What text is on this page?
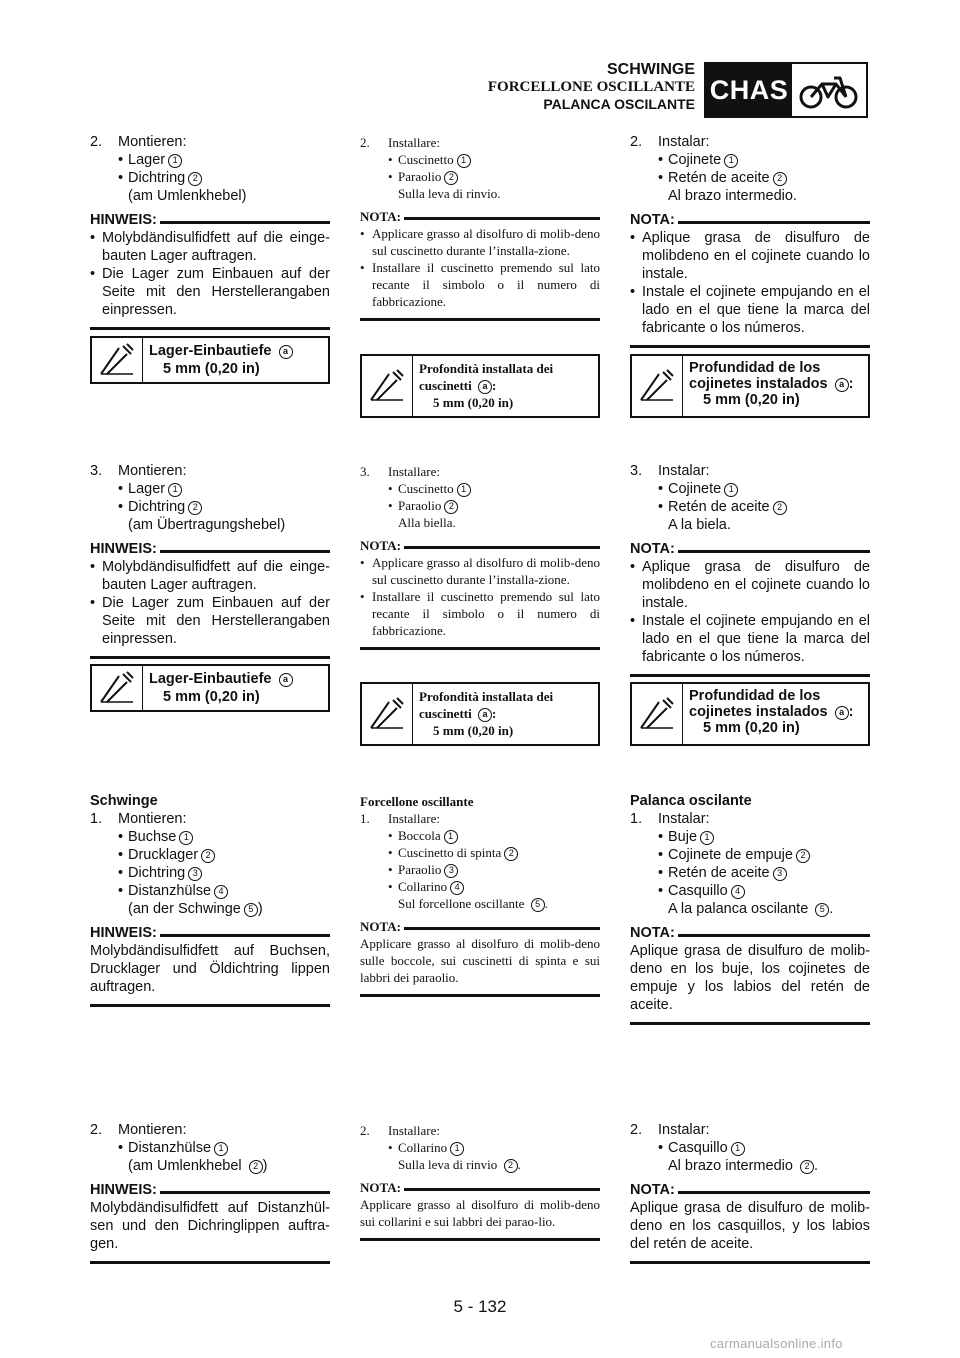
SCHWINGE
FORCELLONE OSCILLANTE
PALANCA OSCILANTE CHAS
2. Montieren:
• Lager 1
• Dichtring 2
(am Umlenkhebel)
HINWEIS:
• Molybdändisulfidfett auf die einge-bauten Lager auftragen.
• Die Lager zum Einbauen auf der Seite mit den Herstellerangaben einpressen.
Lager-Einbautiefe a
5 mm (0,20 in)
3. Montieren:
• Lager 1
• Dichtring 2
(am Übertragungshebel)
HINWEIS:
• Molybdändisulfidfett auf die einge-bauten Lager auftragen.
• Die Lager zum Einbauen auf der Seite mit den Herstellerangaben einpressen.
Lager-Einbautiefe a
5 mm (0,20 in)
Schwinge
1. Montieren:
• Buchse 1
• Drucklager 2
• Dichtring 3
• Distanzhülse 4
(an der Schwinge 5 )
HINWEIS:
Molybdändisulfidfett auf Buchsen, Drucklager und Öldichtring lippen auftragen.
2. Montieren:
• Distanzhülse 1
(am Umlenkhebel 2 )
HINWEIS:
Molybdändisulfidfett auf Distanzhül-sen und den Dichringlippen auftra-gen.
2. Installare:
• Cuscinetto 1
• Paraolio 2
Sulla leva di rinvio.
NOTA:
• Applicare grasso al disolfuro di molib-deno sul cuscinetto durante l’installa-zione.
• Installare il cuscinetto premendo sul lato recante il simbolo o il numero di fabbricazione.
Profondità installata dei
cuscinetti a :
5 mm (0,20 in)
3. Installare:
• Cuscinetto 1
• Paraolio 2
Alla biella.
NOTA:
• Applicare grasso al disolfuro di molib-deno sul cuscinetto durante l’installa-zione.
• Installare il cuscinetto premendo sul lato recante il simbolo o il numero di fabbricazione.
Profondità installata dei
cuscinetti a :
5 mm (0,20 in)
Forcellone oscillante
1. Installare:
• Boccola 1
• Cuscinetto di spinta 2
• Paraolio 3
• Collarino 4
Sul forcellone oscillante 5 .
NOTA:
Applicare grasso al disolfuro di molib-deno sulle boccole, sui cuscinetti di spinta e sui labbri dei paraolio.
2. Installare:
• Collarino 1
Sulla leva di rinvio 2 .
NOTA:
Applicare grasso al disolfuro di molib-deno sui collarini e sui labbri dei parao-lio.
2. Instalar:
• Cojinete 1
• Retén de aceite 2
Al brazo intermedio.
NOTA:
• Aplique grasa de disulfuro de molibdeno en el cojinete cuando lo instale.
• Instale el cojinete empujando en el lado en el que tiene la marca del fabricante o los números.
Profundidad de los
cojinetes instalados a :
5 mm (0,20 in)
3. Instalar:
• Cojinete 1
• Retén de aceite 2
A la biela.
NOTA:
• Aplique grasa de disulfuro de molibdeno en el cojinete cuando lo instale.
• Instale el cojinete empujando en el lado en el que tiene la marca del fabricante o los números.
Profundidad de los
cojinetes instalados a :
5 mm (0,20 in)
Palanca oscilante
1. Instalar:
• Buje 1
• Cojinete de empuje 2
• Retén de aceite 3
• Casquillo 4
A la palanca oscilante 5 .
NOTA:
Aplique grasa de disulfuro de molib-deno en los buje, los cojinetes de empuje y los labios del retén de aceite.
2. Instalar:
• Casquillo 1
Al brazo intermedio 2 .
NOTA:
Aplique grasa de disulfuro de molib-deno en los casquillos, y los labios del retén de aceite.
5 - 132
carmanualsonline.info
